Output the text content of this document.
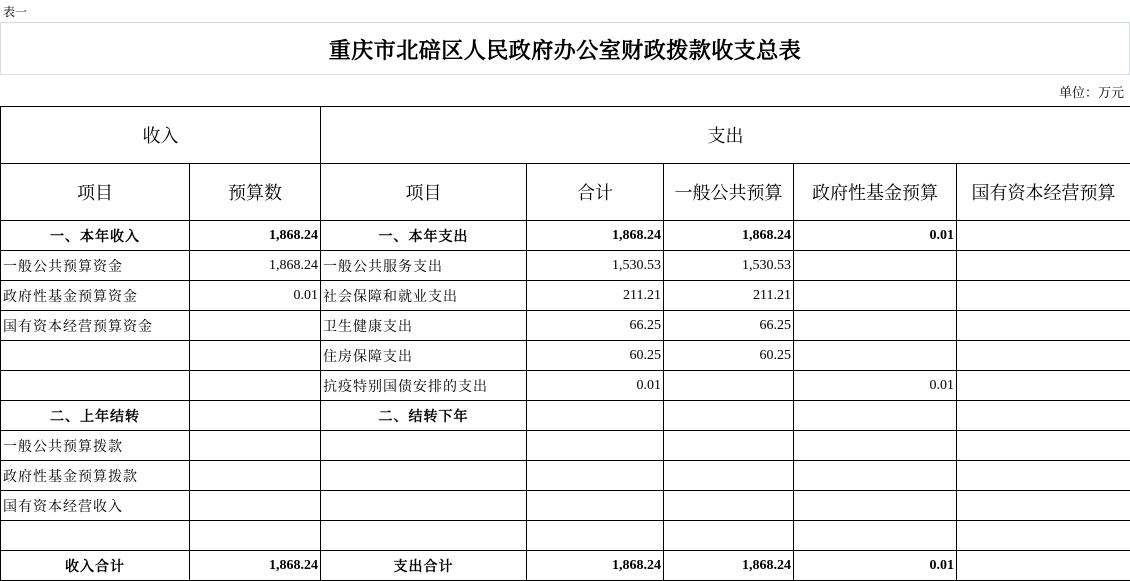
表一
重庆市北碚区人民政府办公室财政拨款收支总表
单位：万元
收入		支出				
项目	预算数	项目	合计	一般公共预算	政府性基金预算	国有资本经营预算
一、本年收入	1,868.24	一、本年支出	1,868.24	1,868.24	0.01	
一般公共预算资金	1,868.24	一般公共服务支出	1,530.53	1,530.53		
政府性基金预算资金	0.01	社会保障和就业支出	211.21	211.21		
国有资本经营预算资金		卫生健康支出	66.25	66.25		
		住房保障支出	60.25	60.25		
		抗疫特别国债安排的支出	0.01		0.01	
二、上年结转		二、结转下年				
一般公共预算拨款						
政府性基金预算拨款						
国有资本经营收入						

收入合计	1,868.24	支出合计	1,868.24	1,868.24	0.01	
